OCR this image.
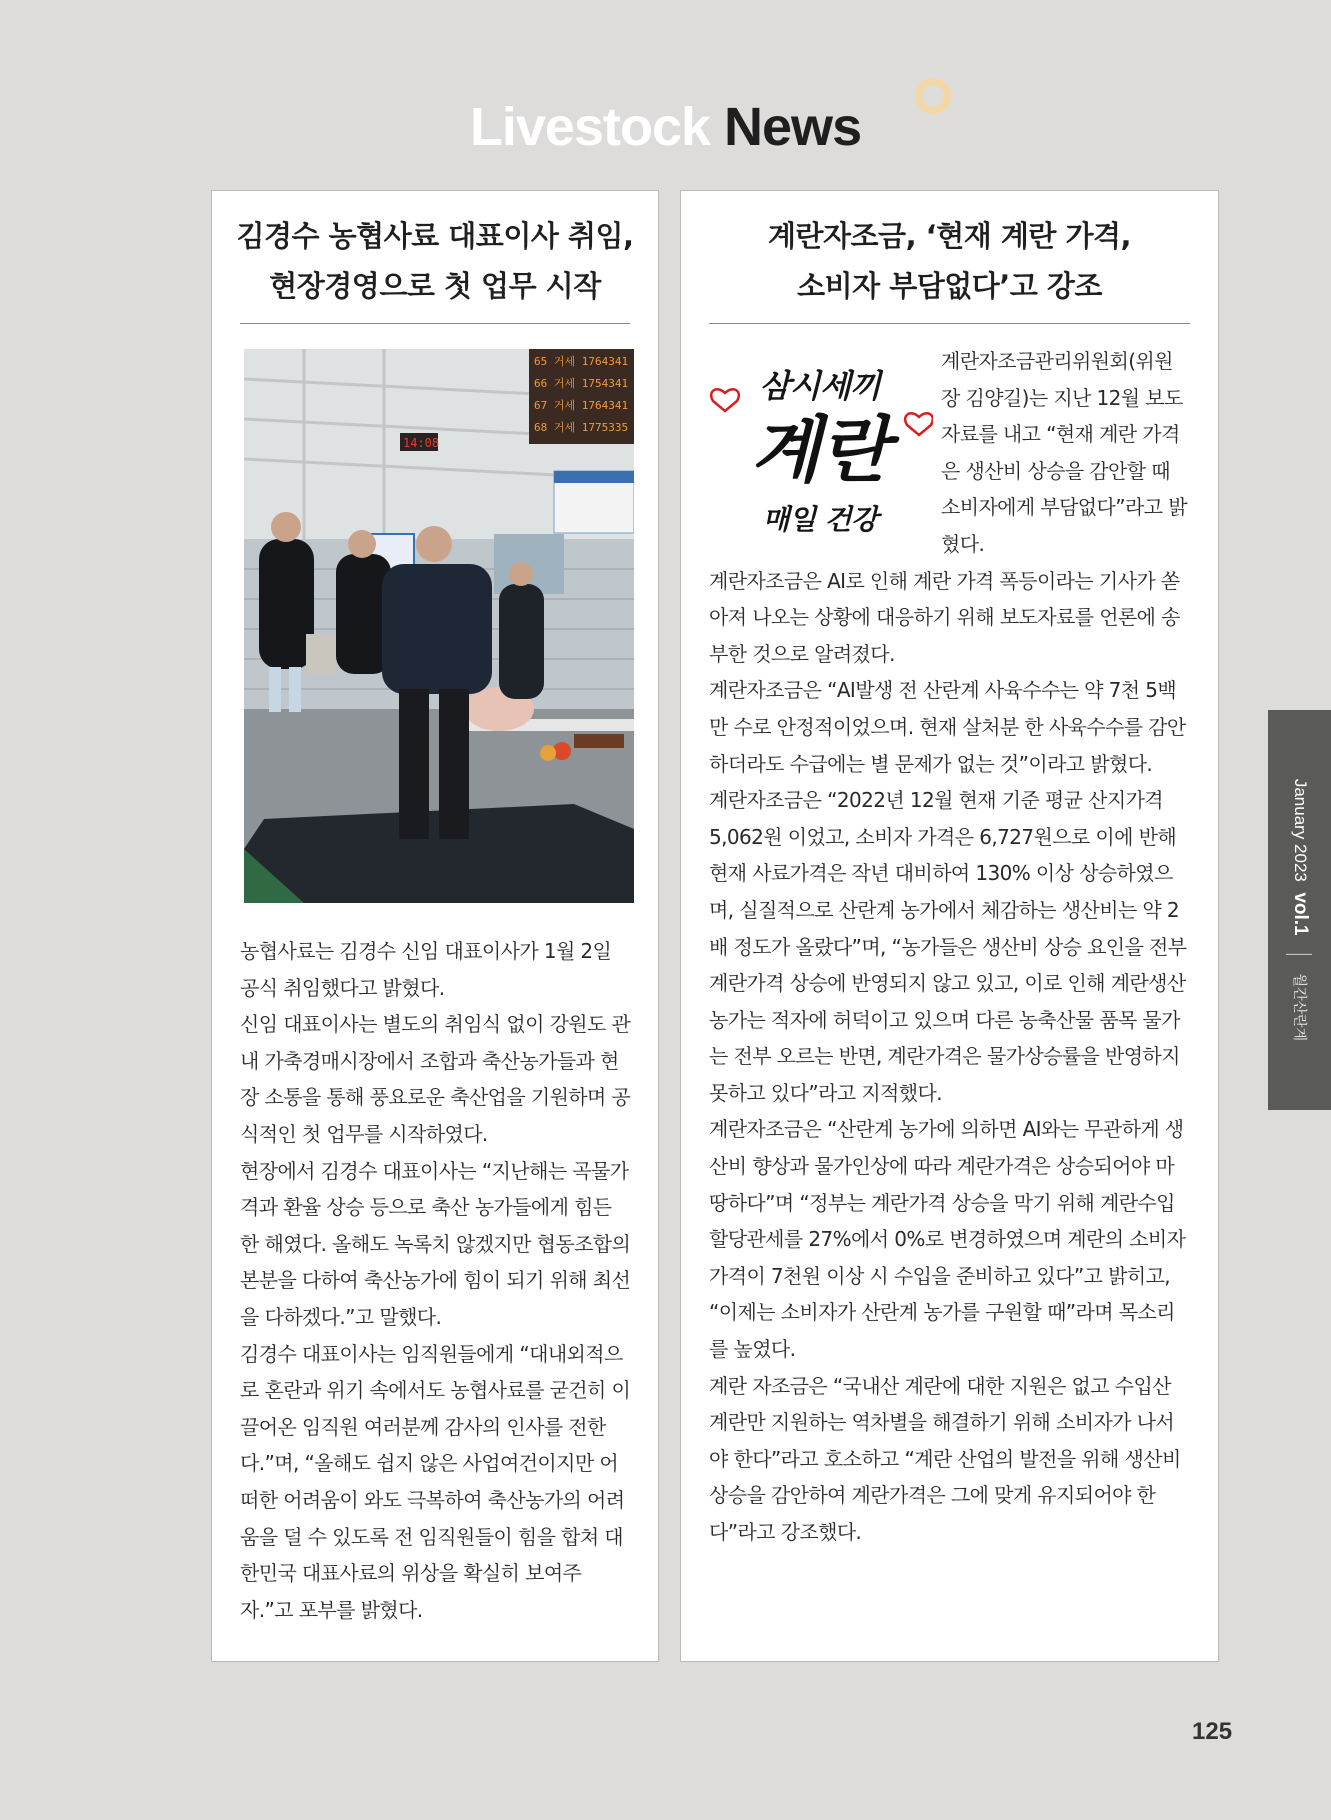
Livestock News
김경수 농협사료 대표이사 취임,
현장경영으로 첫 업무 시작
65 거세 1764341
66 거세 1754341
67 거세 1764341
68 거세 1775335
14:08

농협사료는 김경수 신임 대표이사가 1월 2일 공식 취임했다고 밝혔다.

신임 대표이사는 별도의 취임식 없이 강원도 관내 가축경매시장에서 조합과 축산농가들과 현장 소통을 통해 풍요로운 축산업을 기원하며 공식적인 첫 업무를 시작하였다.

현장에서 김경수 대표이사는 “지난해는 곡물가격과 환율 상승 등으로 축산 농가들에게 힘든 한 해였다. 올해도 녹록치 않겠지만 협동조합의 본분을 다하여 축산농가에 힘이 되기 위해 최선을 다하겠다.”고 말했다.

김경수 대표이사는 임직원들에게 “대내외적으로 혼란과 위기 속에서도 농협사료를 굳건히 이끌어온 임직원 여러분께 감사의 인사를 전한다.”며, “올해도 쉽지 않은 사업여건이지만 어떠한 어려움이 와도 극복하여 축산농가의 어려움을 덜 수 있도록 전 임직원들이 힘을 합쳐 대한민국 대표사료의 위상을 확실히 보여주자.”고 포부를 밝혔다.

계란자조금, ‘현재 계란 가격,
소비자 부담없다’고 강조
삼시세끼
계란
매일 건강

계란자조금관리위원회(위원장 김양길)는 지난 12월 보도자료를 내고 “현재 계란 가격은 생산비 상승을 감안할 때 소비자에게 부담없다”라고 밝혔다.

계란자조금은 AI로 인해 계란 가격 폭등이라는 기사가 쏟아져 나오는 상황에 대응하기 위해 보도자료를 언론에 송부한 것으로 알려졌다.

계란자조금은 “AI발생 전 산란계 사육수수는 약 7천 5백만 수로 안정적이었으며. 현재 살처분 한 사육수수를 감안하더라도 수급에는 별 문제가 없는 것”이라고 밝혔다.

계란자조금은 “2022년 12월 현재 기준 평균 산지가격 5,062원 이었고, 소비자 가격은 6,727원으로 이에 반해 현재 사료가격은 작년 대비하여 130% 이상 상승하였으며, 실질적으로 산란계 농가에서 체감하는 생산비는 약 2배 정도가 올랐다”며, “농가들은 생산비 상승 요인을 전부 계란가격 상승에 반영되지 않고 있고, 이로 인해 계란생산 농가는 적자에 허덕이고 있으며 다른 농축산물 품목 물가는 전부 오르는 반면, 계란가격은 물가상승률을 반영하지 못하고 있다”라고 지적했다.

계란자조금은 “산란계 농가에 의하면 AI와는 무관하게 생산비 향상과 물가인상에 따라 계란가격은 상승되어야 마땅하다”며 “정부는 계란가격 상승을 막기 위해 계란수입 할당관세를 27%에서 0%로 변경하였으며 계란의 소비자 가격이 7천원 이상 시 수입을 준비하고 있다”고 밝히고, “이제는 소비자가 산란계 농가를 구원할 때”라며 목소리를 높였다.

계란 자조금은 “국내산 계란에 대한 지원은 없고 수입산 계란만 지원하는 역차별을 해결하기 위해 소비자가 나서야 한다”라고 호소하고 “계란 산업의 발전을 위해 생산비 상승을 감안하여 계란가격은 그에 맞게 유지되어야 한다”라고 강조했다.

January 2023 vol.1  월간산란계
125
